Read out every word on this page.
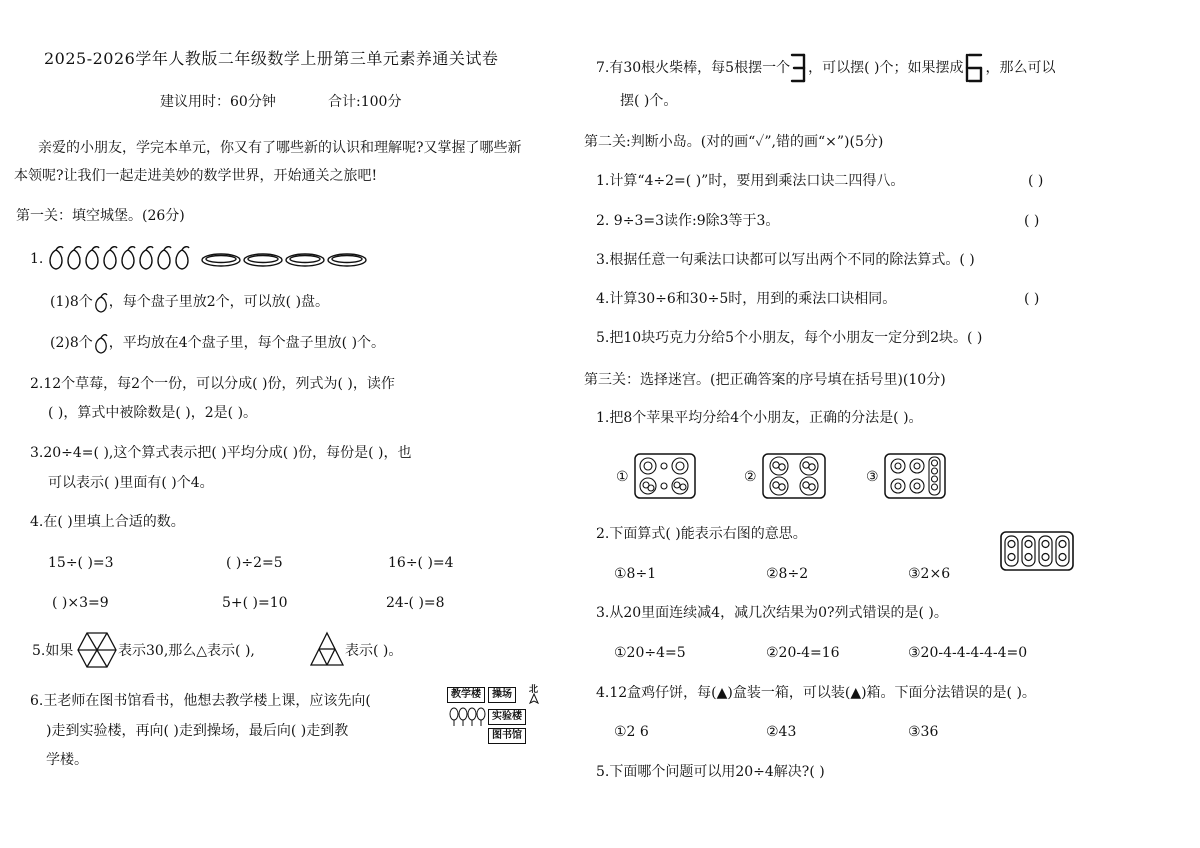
2025-2026学年人教版二年级数学上册第三单元素养通关试卷
建议用时：60分钟	合计:100分
亲爱的小朋友，学完本单元，你又有了哪些新的认识和理解呢?又掌握了哪些新
本领呢?让我们一起走进美妙的数学世界，开始通关之旅吧!
第一关：填空城堡。(26分)
1.
(1)8个 ，每个盘子里放2个，可以放( )盘。
(2)8个 ，平均放在4个盘子里，每个盘子里放( )个。
2.12个草莓，每2个一份，可以分成( )份，列式为( )，读作
( )，算式中被除数是( )，2是( )。
3.20÷4=( ),这个算式表示把( )平均分成( )份，每份是( )，也
可以表示( )里面有( )个4。
4.在( )里填上合适的数。
15÷( )=3	( )÷2=5	16÷( )=4
( )×3=9	5+( )=10	24-( )=8
5.如果	表示30,那么△表示( ),	表示( )。
6.王老师在图书馆看书，他想去教学楼上课，应该先向(
)走到实验楼，再向( )走到操场，最后向( )走到教
学楼。
教学楼	操场
实验楼
图书馆
北
7.有30根火柴棒，每5根摆一个 ，可以摆( )个；如果摆成 ，那么可以
摆( )个。
第二关:判断小岛。(对的画“✓”,错的画“×”)(5分)
1.计算“4÷2=( )”时，要用到乘法口诀二四得八。	( )
2. 9÷3=3读作:9除3等于3。	( )
3.根据任意一句乘法口诀都可以写出两个不同的除法算式。( )
4.计算30÷6和30÷5时，用到的乘法口诀相同。	( )
5.把10块巧克力分给5个小朋友，每个小朋友一定分到2块。( )
第三关：选择迷宫。(把正确答案的序号填在括号里)(10分)
1.把8个苹果平均分给4个小朋友，正确的分法是( )。
①	②	③
2.下面算式( )能表示右图的意思。
①8÷1	②8÷2	③2×6
3.从20里面连续减4，减几次结果为0?列式错误的是( )。
①20÷4=5	②20-4=16	③20-4-4-4-4-4=0
4.12盒鸡仔饼，每(▲)盒装一箱，可以装(▲)箱。下面分法错误的是( )。
①2 6	②43	③36
5.下面哪个问题可以用20÷4解决?( )
